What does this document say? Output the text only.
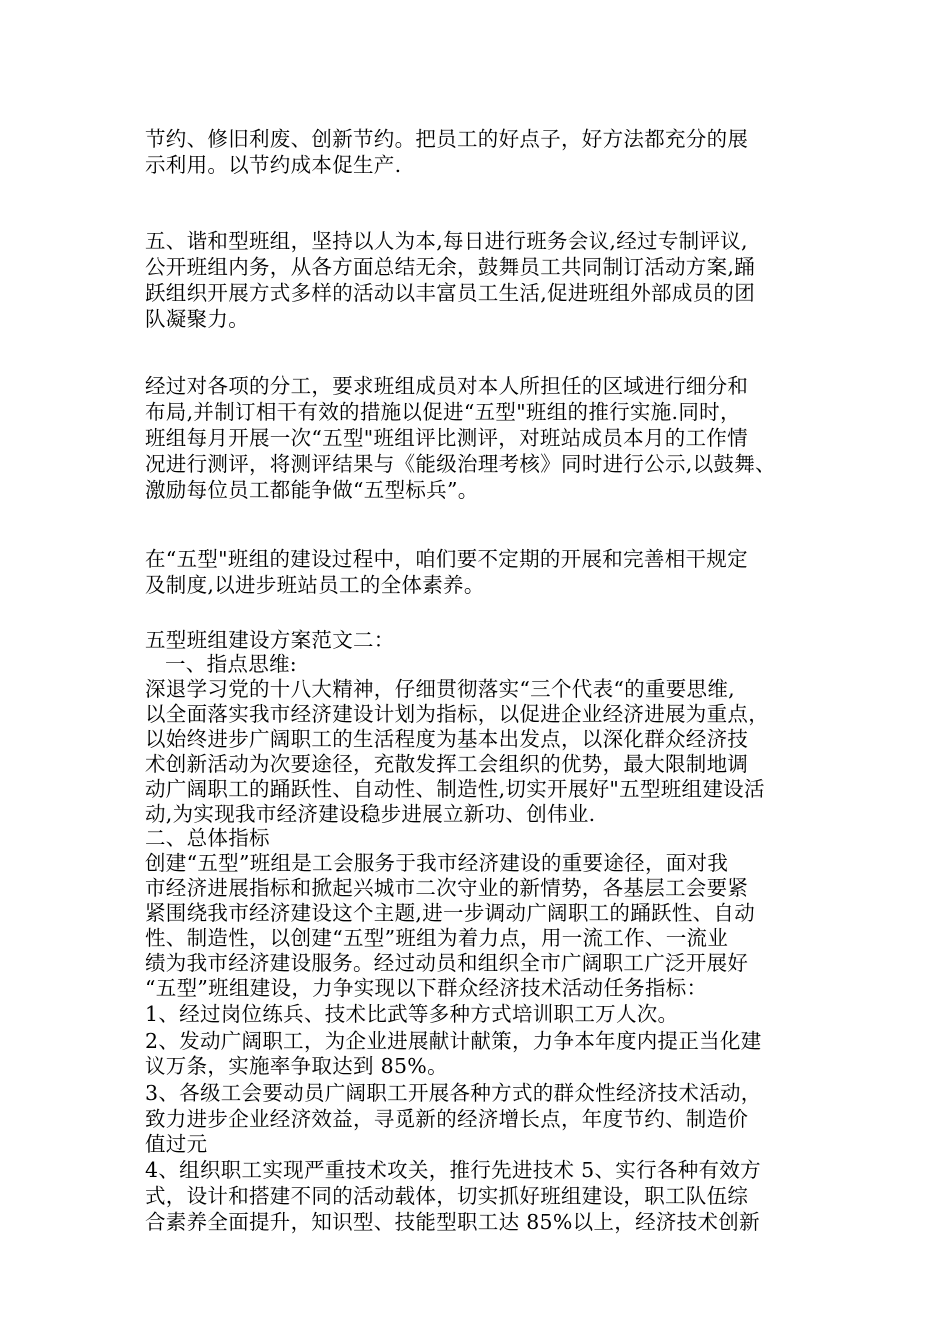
节约、修旧利废、创新节约。把员工的好点子，好方法都充分的展
示利用。以节约成本促生产.
五、谐和型班组，坚持以人为本,每日进行班务会议,经过专制评议,
公开班组内务，从各方面总结无余，鼓舞员工共同制订活动方案,踊
跃组织开展方式多样的活动以丰富员工生活,促进班组外部成员的团
队凝聚力。
经过对各项的分工，要求班组成员对本人所担任的区域进行细分和
布局,并制订相干有效的措施以促进“五型"班组的推行实施.同时，
班组每月开展一次“五型"班组评比测评，对班站成员本月的工作情
况进行测评，将测评结果与《能级治理考核》同时进行公示,以鼓舞、
激励每位员工都能争做“五型标兵”。
在“五型"班组的建设过程中，咱们要不定期的开展和完善相干规定
及制度,以进步班站员工的全体素养。
五型班组建设方案范文二：
一、指点思维:
深退学习党的十八大精神，仔细贯彻落实“三个代表“的重要思维,
以全面落实我市经济建设计划为指标，以促进企业经济进展为重点，
以始终进步广阔职工的生活程度为基本出发点，以深化群众经济技
术创新活动为次要途径，充散发挥工会组织的优势，最大限制地调
动广阔职工的踊跃性、自动性、制造性,切实开展好"五型班组建设活
动,为实现我市经济建设稳步进展立新功、创伟业.
二、总体指标
创建“五型”班组是工会服务于我市经济建设的重要途径，面对我
市经济进展指标和掀起兴城市二次守业的新情势，各基层工会要紧
紧围绕我市经济建设这个主题,进一步调动广阔职工的踊跃性、自动
性、制造性，以创建“五型”班组为着力点，用一流工作、一流业
绩为我市经济建设服务。经过动员和组织全市广阔职工广泛开展好
“五型”班组建设，力争实现以下群众经济技术活动任务指标：
1、经过岗位练兵、技术比武等多种方式培训职工万人次。
2、发动广阔职工，为企业进展献计献策，力争本年度内提正当化建
议万条，实施率争取达到 85%。
3、各级工会要动员广阔职工开展各种方式的群众性经济技术活动，
致力进步企业经济效益，寻觅新的经济增长点，年度节约、制造价
值过元
4、组织职工实现严重技术攻关，推行先进技术 5、实行各种有效方
式，设计和搭建不同的活动载体，切实抓好班组建设，职工队伍综
合素养全面提升，知识型、技能型职工达 85%以上，经济技术创新
